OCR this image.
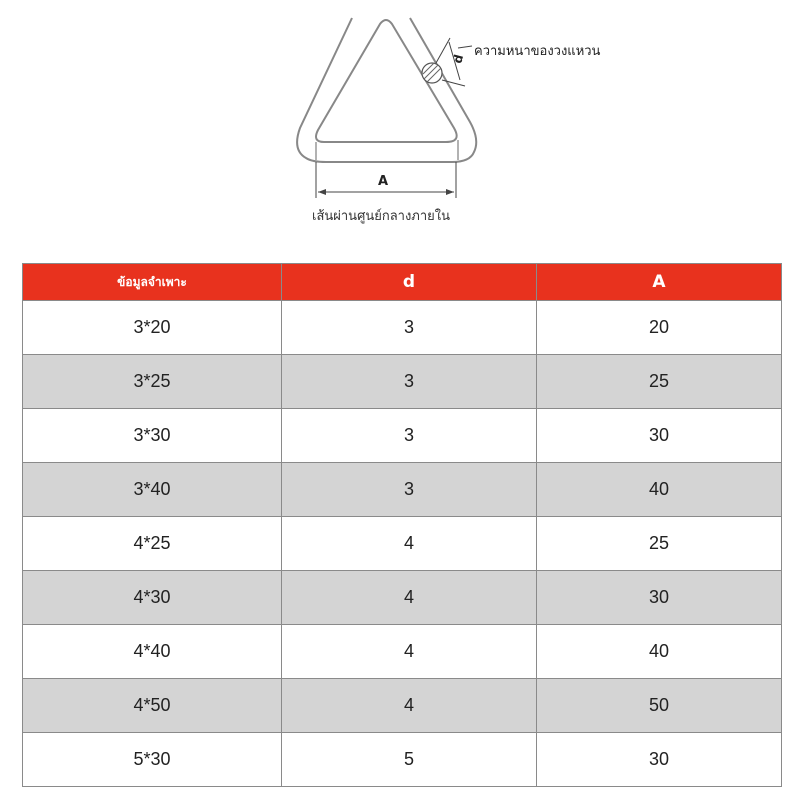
ความหนาของวงแหวน
A
d
เส้นผ่านศูนย์กลางภายใน
ข้อมูลจำเพาะ	d	A
3*20	3	20
3*25	3	25
3*30	3	30
3*40	3	40
4*25	4	25
4*30	4	30
4*40	4	40
4*50	4	50
5*30	5	30
